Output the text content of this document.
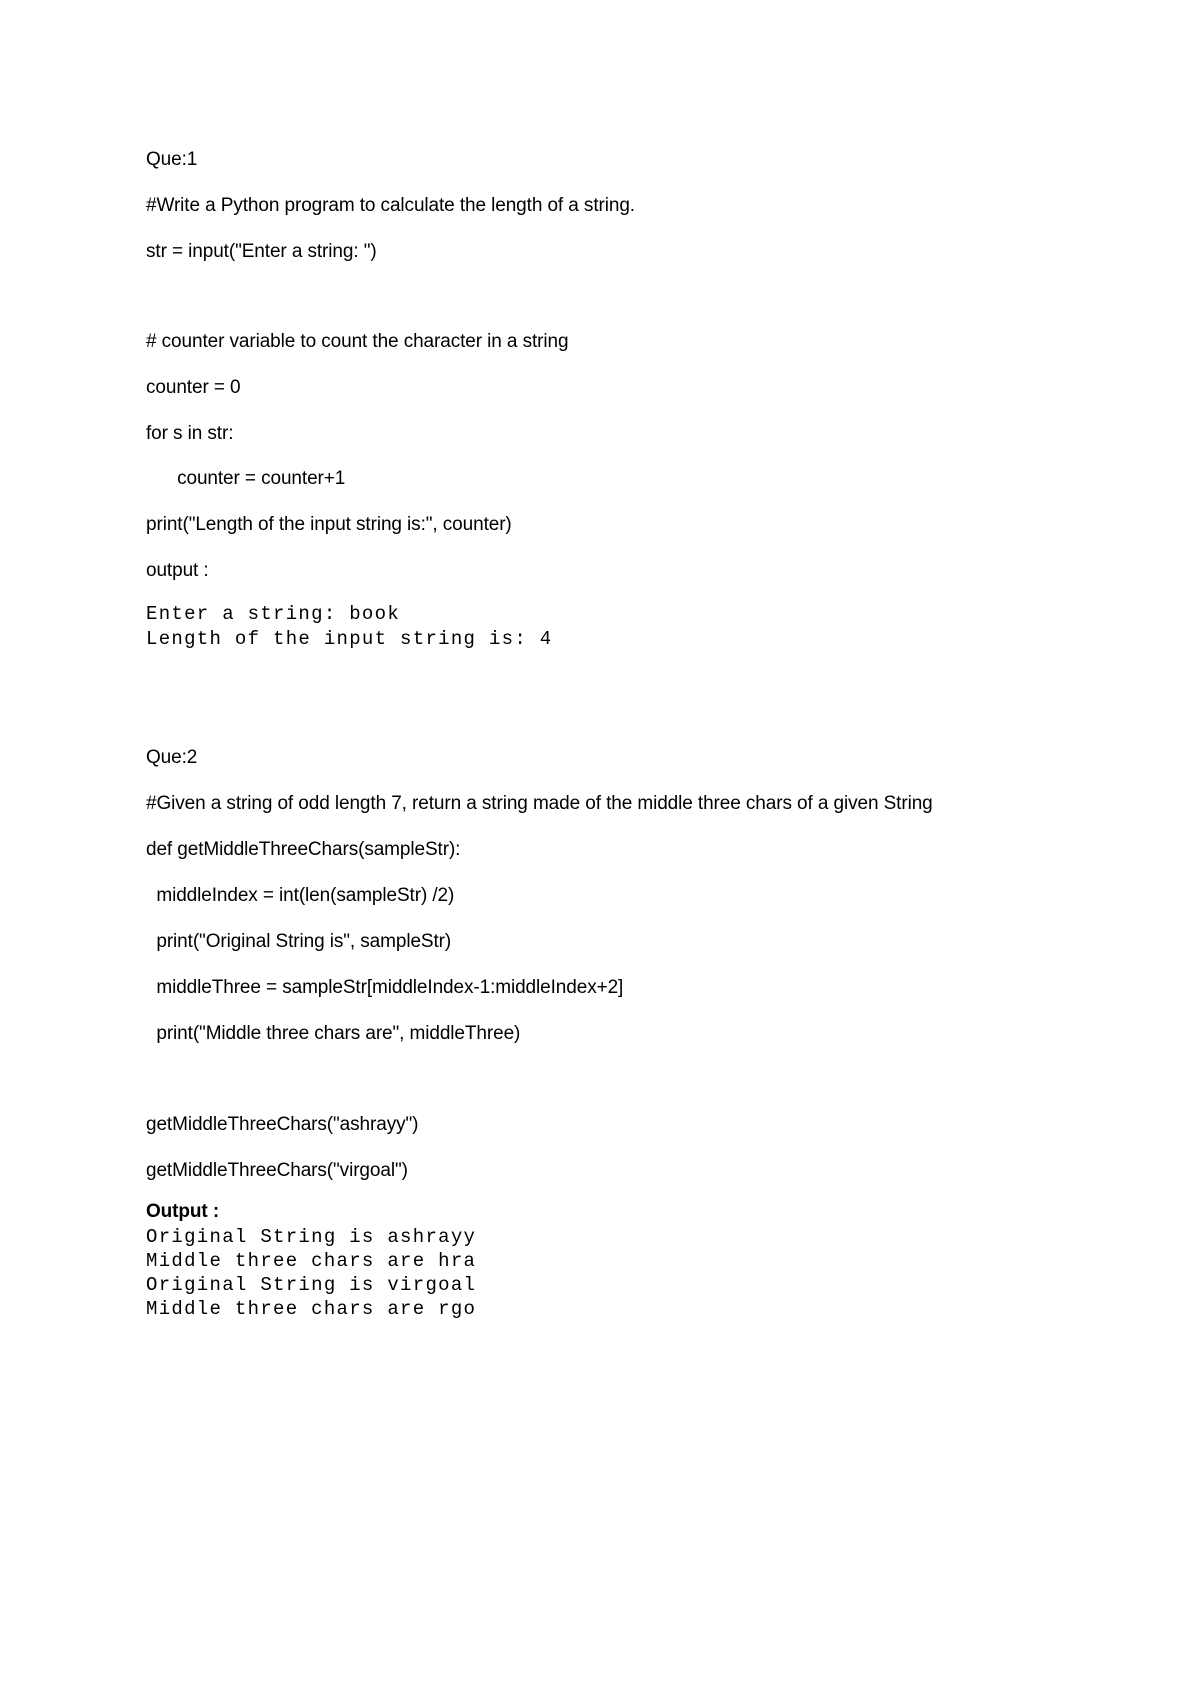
Que:1
#Write a Python program to calculate the length of a string.
str = input("Enter a string: ")
# counter variable to count the character in a string
counter = 0
for s in str:
counter = counter+1
print("Length of the input string is:", counter)
output :
Enter a string: book
Length of the input string is: 4
Que:2
#Given a string of odd length 7, return a string made of the middle three chars of a given String
def getMiddleThreeChars(sampleStr):
middleIndex = int(len(sampleStr) /2)
print("Original String is", sampleStr)
middleThree = sampleStr[middleIndex-1:middleIndex+2]
print("Middle three chars are", middleThree)
getMiddleThreeChars("ashrayy")
getMiddleThreeChars("virgoal")
Output :
Original String is ashrayy
Middle three chars are hra
Original String is virgoal
Middle three chars are rgo
